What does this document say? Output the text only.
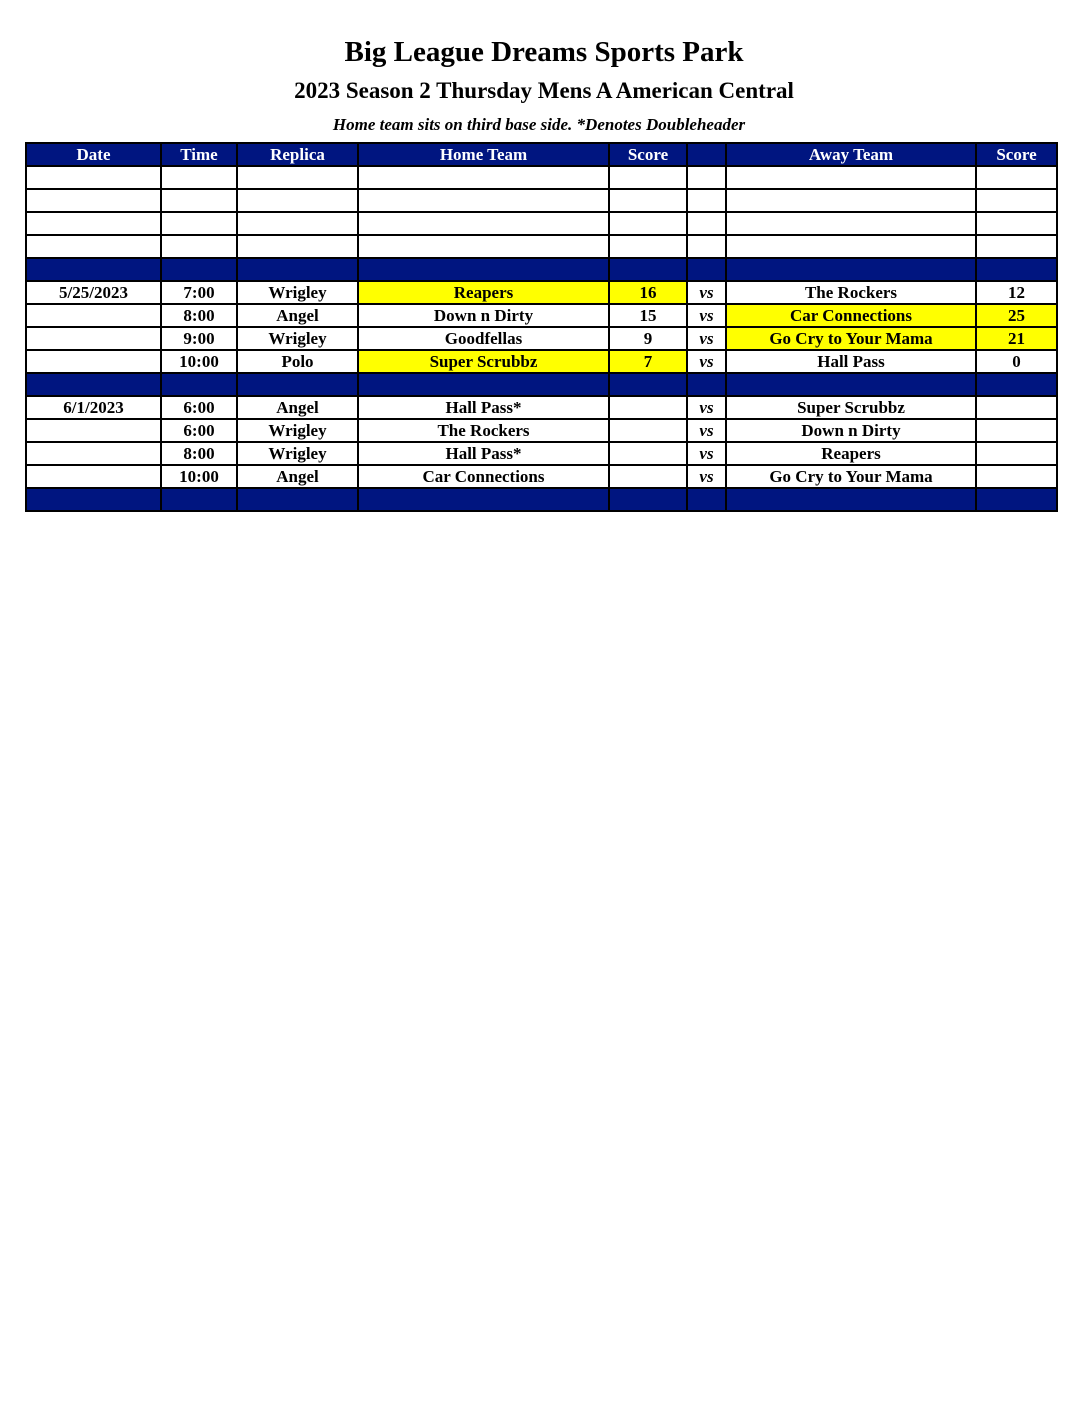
Big League Dreams Sports Park
2023 Season 2 Thursday Mens A American Central
Home team sits on third base side. *Denotes Doubleheader
Date	Time	Replica	Home Team	Score		Away Team	Score

5/25/2023	7:00	Wrigley	Reapers	16	vs	The Rockers	12
	8:00	Angel	Down n Dirty	15	vs	Car Connections	25
	9:00	Wrigley	Goodfellas	9	vs	Go Cry to Your Mama	21
	10:00	Polo	Super Scrubbz	7	vs	Hall Pass	0

6/1/2023	6:00	Angel	Hall Pass*		vs	Super Scrubbz	
	6:00	Wrigley	The Rockers		vs	Down n Dirty	
	8:00	Wrigley	Hall Pass*		vs	Reapers	
	10:00	Angel	Car Connections		vs	Go Cry to Your Mama	
